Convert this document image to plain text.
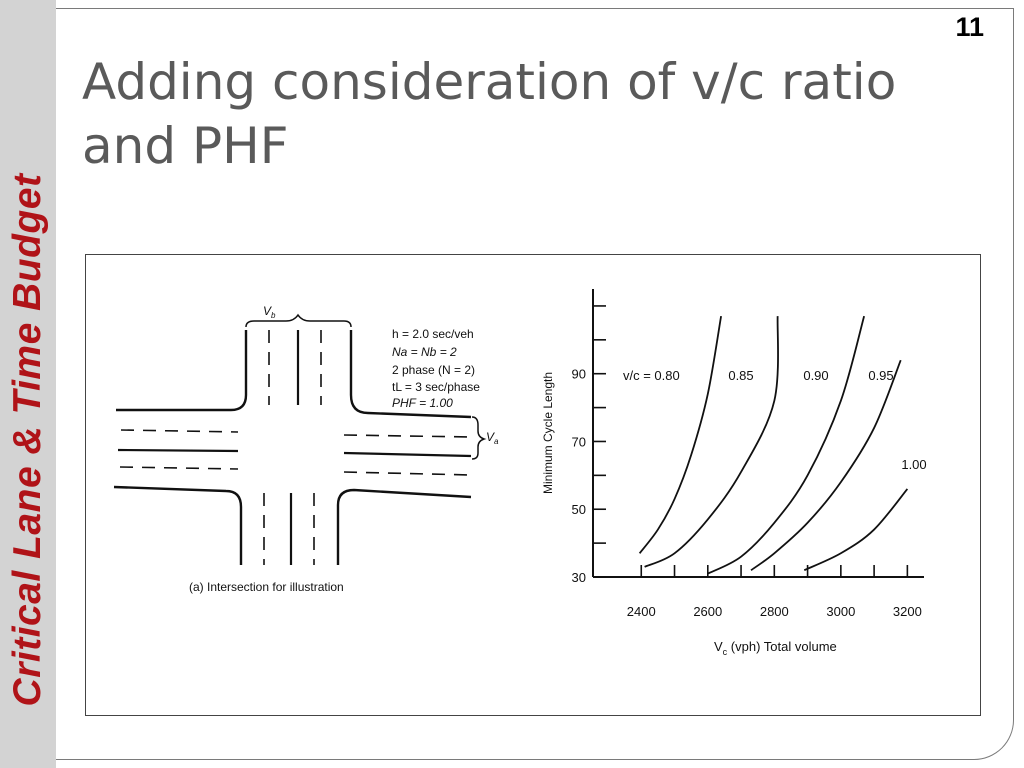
Critical Lane & Time Budget
11
Adding consideration of v/c ratio and PHF
$V_b$
$V_a$
h = 2.0 sec/veh
Na = Nb = 2
2 phase (N = 2)
tL = 3 sec/phase
PHF = 1.00
(a) Intersection for illustration
30
50
70
90
2400	2600	2800	3000	3200
Minimum Cycle Length
$V_c$ (vph) Total volume
v/c = 0.80	0.85	0.90	0.95
1.00
